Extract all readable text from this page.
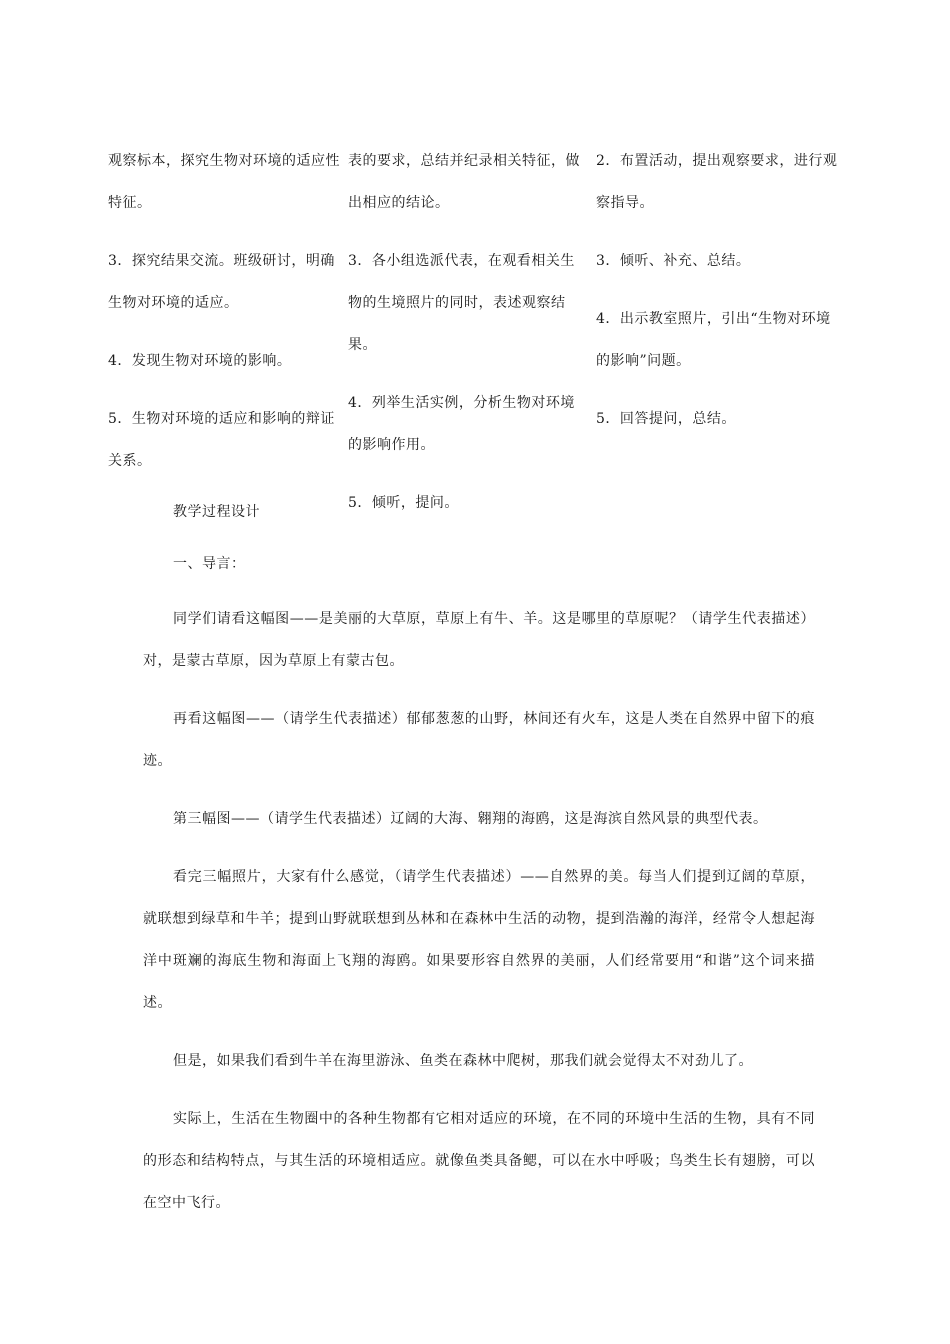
观察标本，探究生物对环境的适应性特征。

3．探究结果交流。班级研讨，明确生物对环境的适应。

4．发现生物对环境的影响。

5．生物对环境的适应和影响的辩证关系。

表的要求，总结并纪录相关特征，做出相应的结论。

3．各小组选派代表，在观看相关生物的生境照片的同时，表述观察结果。

4．列举生活实例，分析生物对环境的影响作用。

5．倾听，提问。

2．布置活动，提出观察要求，进行观察指导。

3．倾听、补充、总结。

4．出示教室照片，引出“生物对环境的影响”问题。

5．回答提问，总结。

教学过程设计

一、导言：

同学们请看这幅图——是美丽的大草原，草原上有牛、羊。这是哪里的草原呢？（请学生代表描述）对，是蒙古草原，因为草原上有蒙古包。

再看这幅图——（请学生代表描述）郁郁葱葱的山野，林间还有火车，这是人类在自然界中留下的痕迹。

第三幅图——（请学生代表描述）辽阔的大海、翱翔的海鸥，这是海滨自然风景的典型代表。

看完三幅照片，大家有什么感觉，（请学生代表描述）——自然界的美。每当人们提到辽阔的草原，就联想到绿草和牛羊；提到山野就联想到丛林和在森林中生活的动物，提到浩瀚的海洋，经常令人想起海洋中斑斓的海底生物和海面上飞翔的海鸥。如果要形容自然界的美丽，人们经常要用“和谐”这个词来描述。

但是，如果我们看到牛羊在海里游泳、鱼类在森林中爬树，那我们就会觉得太不对劲儿了。

实际上，生活在生物圈中的各种生物都有它相对适应的环境，在不同的环境中生活的生物，具有不同的形态和结构特点，与其生活的环境相适应。就像鱼类具备鳃，可以在水中呼吸；鸟类生长有翅膀，可以在空中飞行。
